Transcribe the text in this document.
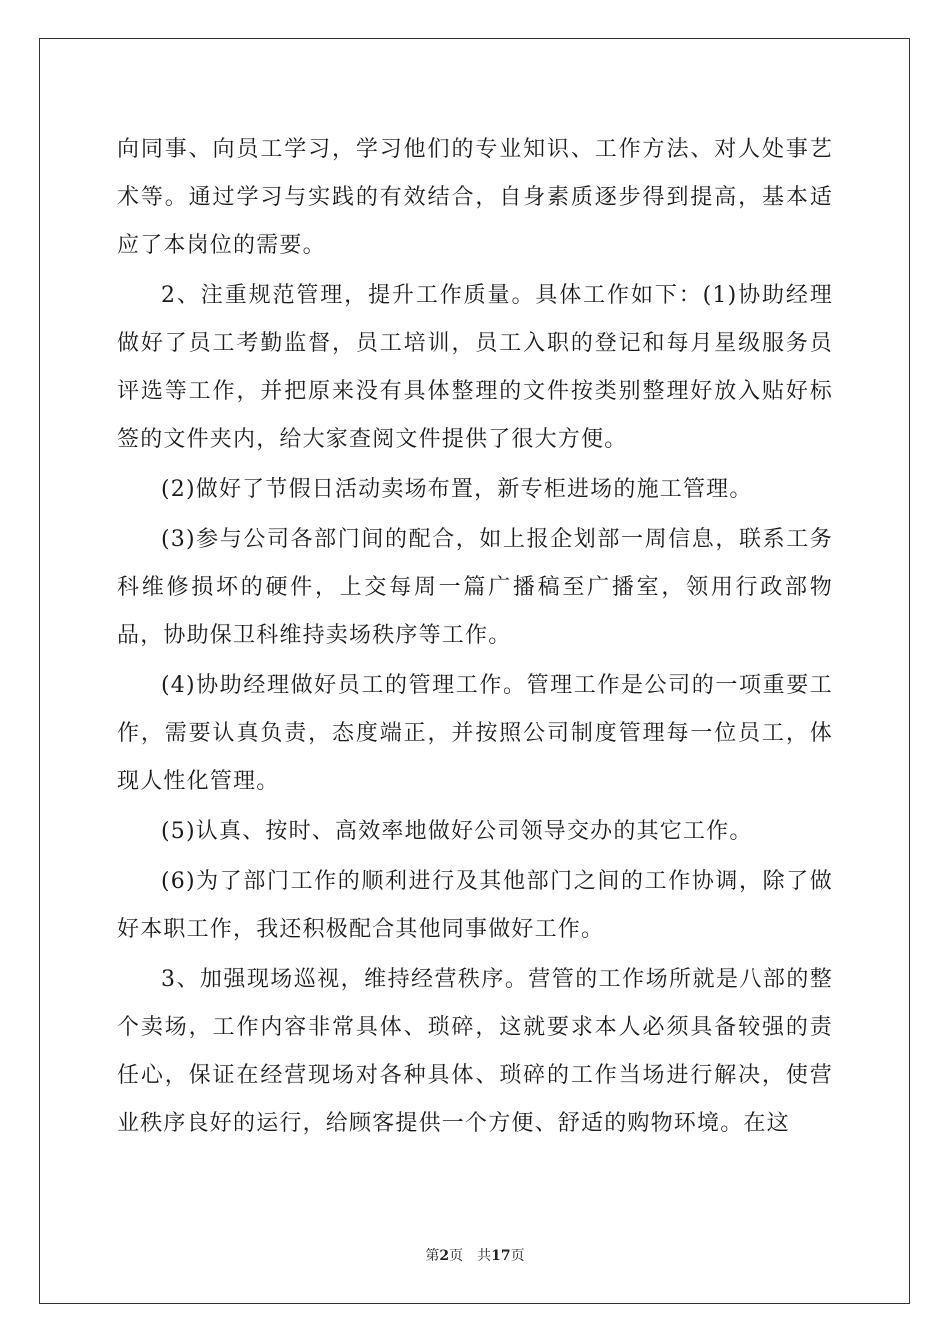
向同事、向员工学习，学习他们的专业知识、工作方法、对人处事艺术等。通过学习与实践的有效结合，自身素质逐步得到提高，基本适应了本岗位的需要。

2、注重规范管理，提升工作质量。具体工作如下：(1)协助经理做好了员工考勤监督，员工培训，员工入职的登记和每月星级服务员评选等工作，并把原来没有具体整理的文件按类别整理好放入贴好标签的文件夹内，给大家查阅文件提供了很大方便。

(2)做好了节假日活动卖场布置，新专柜进场的施工管理。

(3)参与公司各部门间的配合，如上报企划部一周信息，联系工务科维修损坏的硬件，上交每周一篇广播稿至广播室，领用行政部物品，协助保卫科维持卖场秩序等工作。

(4)协助经理做好员工的管理工作。管理工作是公司的一项重要工作，需要认真负责，态度端正，并按照公司制度管理每一位员工，体现人性化管理。

(5)认真、按时、高效率地做好公司领导交办的其它工作。

(6)为了部门工作的顺利进行及其他部门之间的工作协调，除了做好本职工作，我还积极配合其他同事做好工作。

3、加强现场巡视，维持经营秩序。营管的工作场所就是八部的整个卖场，工作内容非常具体、琐碎，这就要求本人必须具备较强的责任心，保证在经营现场对各种具体、琐碎的工作当场进行解决，使营业秩序良好的运行，给顾客提供一个方便、舒适的购物环境。在这

第2页 共17页
